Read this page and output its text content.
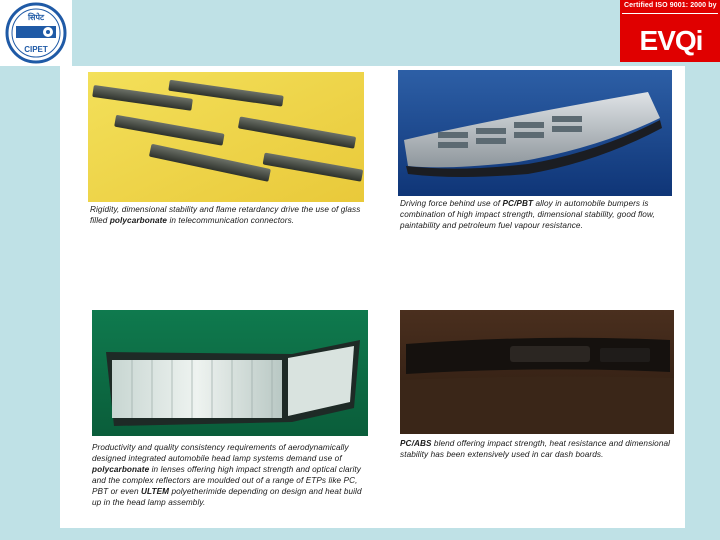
सिपेट
CIPET
Certified ISO 9001: 2000 by
EVQi
Rigidity, dimensional stability and flame retardancy drive the use of glass filled polycarbonate in telecommunication connectors.
Driving force behind use of PC/PBT alloy in automobile bumpers is combination of high impact strength, dimensional stability, good flow, paintability and petroleum fuel vapour resistance.
Productivity and quality consistency requirements of aerodynamically designed integrated automobile head lamp systems demand use of polycarbonate in lenses offering high impact strength and optical clarity and the complex reflectors are moulded out of a range of ETPs like PC, PBT or even ULTEM polyetherimide depending on design and heat build up in the head lamp assembly.
PC/ABS blend offering impact strength, heat resistance and dimensional stability has been extensively used in car dash boards.
